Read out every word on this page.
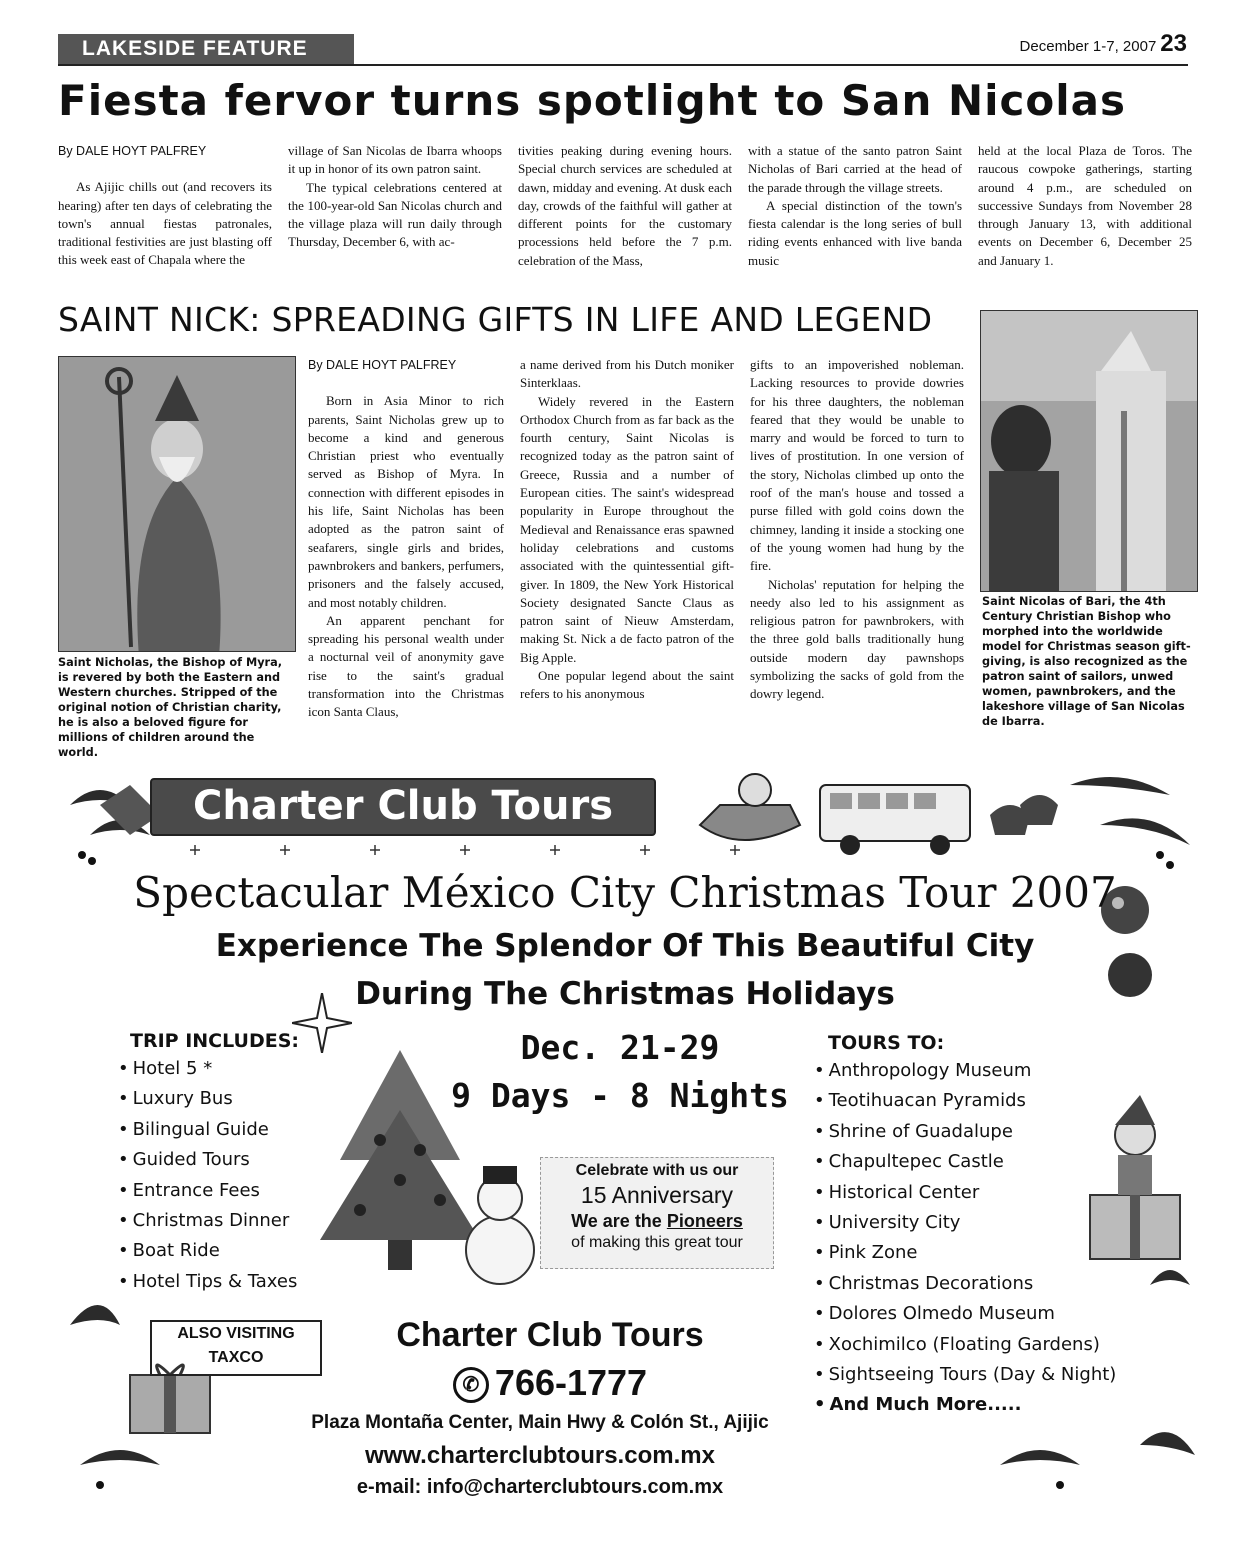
LAKESIDE FEATURE	December 1-7, 2007 23
Fiesta fervor turns spotlight to San Nicolas
By DALE HOYT PALFREY

As Ajijic chills out (and recovers its hearing) after ten days of celebrating the town's annual fiestas patronales, traditional festivities are just blasting off this week east of Chapala where the

village of San Nicolas de Ibarra whoops it up in honor of its own patron saint.

The typical celebrations centered at the 100-year-old San Nicolas church and the village plaza will run daily through Thursday, December 6, with ac-

tivities peaking during evening hours. Special church services are scheduled at dawn, midday and evening. At dusk each day, crowds of the faithful will gather at different points for the customary processions held before the 7 p.m. celebration of the Mass,

with a statue of the santo patron Saint Nicholas of Bari carried at the head of the parade through the village streets.

A special distinction of the town's fiesta calendar is the long series of bull riding events enhanced with live banda music

held at the local Plaza de Toros. The raucous cowpoke gatherings, starting around 4 p.m., are scheduled on successive Sundays from November 28 through January 13, with additional events on December 6, December 25 and January 1.

SAINT NICK: SPREADING GIFTS IN LIFE AND LEGEND
Saint Nicholas, the Bishop of Myra, is revered by both the Eastern and Western churches. Stripped of the original notion of Christian charity, he is also a beloved figure for millions of children around the world.
By DALE HOYT PALFREY

Born in Asia Minor to rich parents, Saint Nicholas grew up to become a kind and generous Christian priest who eventually served as Bishop of Myra. In connection with different episodes in his life, Saint Nicholas has been adopted as the patron saint of seafarers, single girls and brides, pawnbrokers and bankers, perfumers, prisoners and the falsely accused, and most notably children.

An apparent penchant for spreading his personal wealth under a nocturnal veil of anonymity gave rise to the saint's gradual transformation into the Christmas icon Santa Claus,

a name derived from his Dutch moniker Sinterklaas.

Widely revered in the Eastern Orthodox Church from as far back as the fourth century, Saint Nicolas is recognized today as the patron saint of Greece, Russia and a number of European cities. The saint's widespread popularity in Europe throughout the Medieval and Renaissance eras spawned holiday celebrations and customs associated with the quintessential gift-giver. In 1809, the New York Historical Society designated Sancte Claus as patron saint of Nieuw Amsterdam, making St. Nick a de facto patron of the Big Apple.

One popular legend about the saint refers to his anonymous

gifts to an impoverished nobleman. Lacking resources to provide dowries for his three daughters, the nobleman feared that they would be unable to marry and would be forced to turn to lives of prostitution. In one version of the story, Nicholas climbed up onto the roof of the man's house and tossed a purse filled with gold coins down the chimney, landing it inside a stocking one of the young women had hung by the fire.

Nicholas' reputation for helping the needy also led to his assignment as religious patron for pawnbrokers, with the three gold balls traditionally hung outside modern day pawnshops symbolizing the sacks of gold from the dowry legend.

Saint Nicolas of Bari, the 4th Century Christian Bishop who morphed into the worldwide model for Christmas season gift-giving, is also recognized as the patron saint of sailors, unwed women, pawnbrokers, and the lakeshore village of San Nicolas de Ibarra.
Charter Club Tours
Spectacular México City Christmas Tour 2007
Experience The Splendor Of This Beautiful City
During The Christmas Holidays
TRIP INCLUDES:
• Hotel 5 *
• Luxury Bus
• Bilingual Guide
• Guided Tours
• Entrance Fees
• Christmas Dinner
• Boat Ride
• Hotel Tips & Taxes
Dec. 21-29
9 Days - 8 Nights
Celebrate with us our
15 Anniversary
We are the Pioneers
of making this great tour
TOURS TO:
• Anthropology Museum
• Teotihuacan Pyramids
• Shrine of Guadalupe
• Chapultepec Castle
• Historical Center
• University City
• Pink Zone
• Christmas Decorations
• Dolores Olmedo Museum
• Xochimilco (Floating Gardens)
• Sightseeing Tours (Day & Night)
• And Much More.....
ALSO VISITING
TAXCO
Charter Club Tours
✆ 766-1777
Plaza Montaña Center, Main Hwy & Colón St., Ajijic
www.charterclubtours.com.mx
e-mail: info@charterclubtours.com.mx
